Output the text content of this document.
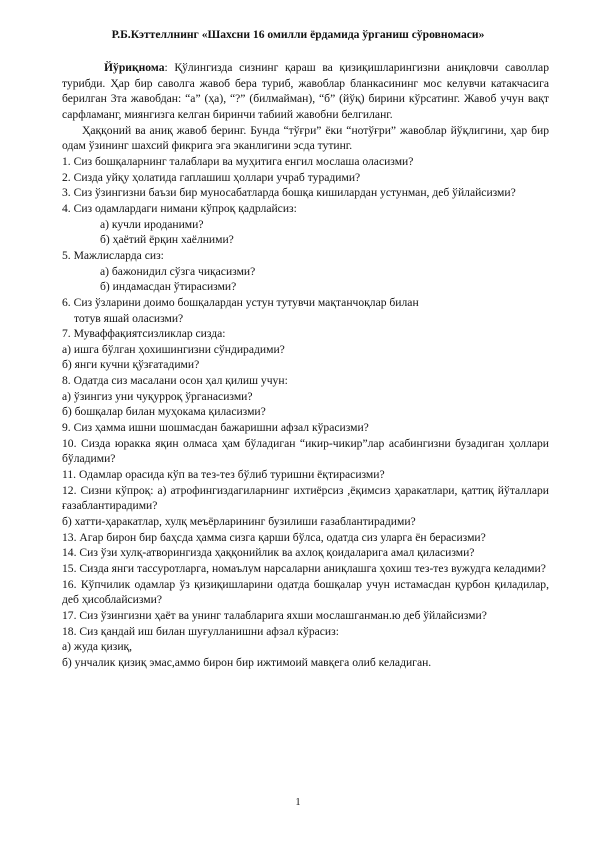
Р.Б.Кэттеллнинг «Шахсни 16 омилли ёрдамида ўрганиш сўровномаси»

Йўриқнома: Қўлингизда сизнинг қараш ва қизиқишларингизни аниқловчи саволлар турибди. Ҳар бир саволга жавоб бера туриб, жавоблар бланкасининг мос келувчи катакчасига берилган 3та жавобдан: “а” (ҳа), “?” (билмайман), “б” (йўқ) бирини кўрсатинг. Жавоб учун вақт сарфламанг, миянгизга келган биринчи табиий жавобни белгиланг.

Ҳаққоний ва аниқ жавоб беринг. Бунда “тўғри” ёки “нотўғри” жавоблар йўқлигини, ҳар бир одам ўзининг шахсий фикрига эга эканлигини эсда тутинг.

1. Сиз бошқаларнинг талаблари ва муҳитига енгил мослаша оласизми?

2. Сизда уйқу ҳолатида гаплашиш ҳоллари учраб турадими?

3. Сиз ўзингизни баъзи бир муносабатларда бошқа кишилардан устунман, деб ўйлайсизми?

4. Сиз одамлардаги нимани кўпроқ қадрлайсиз:

а) кучли ироданими?

б) ҳаётий ёрқин хаёлними?

5. Мажлисларда сиз:

а) бажонидил сўзга чиқасизми?

б) индамасдан ўтирасизми?

6. Сиз ўзларини доимо бошқалардан устун тутувчи мақтанчоқлар билан

тотув яшай оласизми?

7. Муваффақиятсизликлар сизда:

а) ишга бўлган ҳохишингизни сўндирадими?

б) янги кучни қўзғатадими?

8. Одатда сиз масалани осон ҳал қилиш учун:

а) ўзингиз уни чуқурроқ ўрганасизми?

б) бошқалар билан муҳокама қиласизми?

9. Сиз ҳамма ишни шошмасдан бажаришни афзал кўрасизми?

10. Сизда юракка яқин олмаса ҳам бўладиган “икир-чикир”лар асабингизни бузадиган ҳоллари бўладими?

11. Одамлар орасида кўп ва тез-тез бўлиб туришни ёқтирасизми?

12. Сизни кўпроқ: а) атрофингиздагиларнинг ихтиёрсиз ,ёқимсиз ҳаракатлари, қаттиқ йўталлари ғазаблантирадими?

б) хатти-ҳаракатлар, хулқ меъёрларининг бузилиши ғазаблантирадими?

13. Агар бирон бир баҳсда ҳамма сизга қарши бўлса, одатда сиз уларга ён берасизми?

14. Сиз ўзи хулқ-атворингизда ҳаққонийлик ва ахлоқ қоидаларига амал қиласизми?

15. Сизда янги тассуротларга, номаълум нарсаларни аниқлашга ҳохиш тез-тез вужудга келадими?

16. Кўпчилик одамлар ўз қизиқишларини одатда бошқалар учун истамасдан қурбон қиладилар, деб ҳисоблайсизми?

17. Сиз ўзингизни ҳаёт ва унинг талабларига яхши мослашганман.ю деб ўйлайсизми?

18. Сиз қандай иш билан шуғулланишни афзал кўрасиз:

а) жуда қизиқ,

б) унчалик қизиқ эмас,аммо бирон бир ижтимоий мавқега олиб келадиган.

1
